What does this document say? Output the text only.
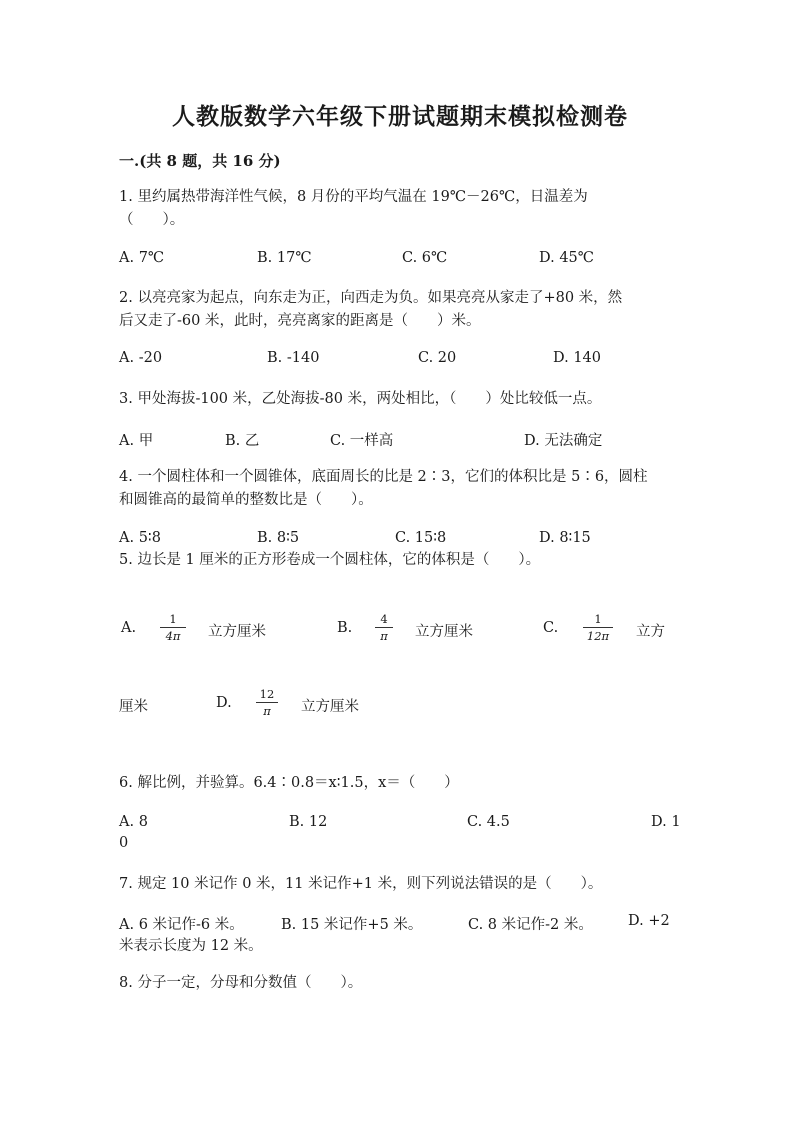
人教版数学六年级下册试题期末模拟检测卷
一.(共 8 题，共 16 分)
1. 里约属热带海洋性气候，8 月份的平均气温在 19℃－26℃，日温差为
（　　）。
A. 7℃	B. 17℃	C. 6℃	D. 45℃
2. 以亮亮家为起点，向东走为正，向西走为负。如果亮亮从家走了+80 米，然
后又走了-60 米，此时，亮亮离家的距离是（　　）米。
A. -20	B. -140	C. 20	D. 140
3. 甲处海拔-100 米，乙处海拔-80 米，两处相比，（　　）处比较低一点。
A. 甲	B. 乙	C. 一样高	D. 无法确定
4. 一个圆柱体和一个圆锥体，底面周长的比是 2∶3，它们的体积比是 5∶6，圆柱
和圆锥高的最简单的整数比是（　　）。
A. 5∶8	B. 8∶5	C. 15∶8	D. 8∶15
5. 边长是 1 厘米的正方形卷成一个圆柱体，它的体积是（　　）。
A.
1
4π	立方厘米	B.
4
π	立方厘米	C.
1
12π 立方
厘米	D.
12
π	立方厘米
6. 解比例，并验算。6.4∶0.8＝x∶1.5，x＝（　　）
A. 8	B. 12	C. 4.5	D. 1
0
7. 规定 10 米记作 0 米，11 米记作+1 米，则下列说法错误的是（　　）。
A. 6 米记作-6 米。	B. 15 米记作+5 米。	C. 8 米记作-2 米。 D. +2
米表示长度为 12 米。
8. 分子一定，分母和分数值（　　）。
